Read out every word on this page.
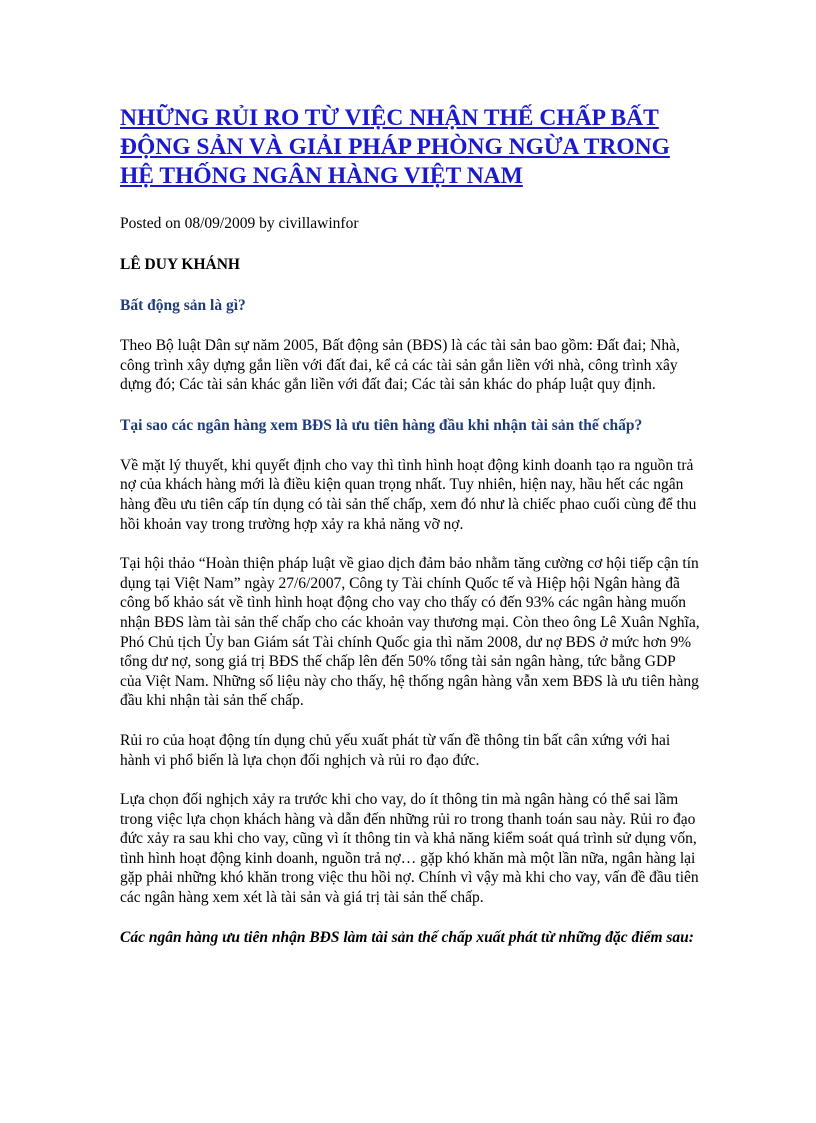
NHỮNG RỦI RO TỪ VIỆC NHẬN THẾ CHẤP BẤT ĐỘNG SẢN VÀ GIẢI PHÁP PHÒNG NGỪA TRONG HỆ THỐNG NGÂN HÀNG VIỆT NAM

Posted on 08/09/2009 by civillawinfor

LÊ DUY KHÁNH

Bất động sản là gì?

Theo Bộ luật Dân sự năm 2005, Bất động sản (BĐS) là các tài sản bao gồm: Đất đai; Nhà, công trình xây dựng gắn liền với đất đai, kể cả các tài sản gắn liền với nhà, công trình xây dựng đó; Các tài sản khác gắn liền với đất đai; Các tài sản khác do pháp luật quy định.

Tại sao các ngân hàng xem BĐS là ưu tiên hàng đầu khi nhận tài sản thế chấp?

Về mặt lý thuyết, khi quyết định cho vay thì tình hình hoạt động kinh doanh tạo ra nguồn trả nợ của khách hàng mới là điều kiện quan trọng nhất. Tuy nhiên, hiện nay, hầu hết các ngân hàng đều ưu tiên cấp tín dụng có tài sản thế chấp, xem đó như là chiếc phao cuối cùng để thu hồi khoản vay trong trường hợp xảy ra khả năng vỡ nợ.

Tại hội thảo “Hoàn thiện pháp luật về giao dịch đảm bảo nhằm tăng cường cơ hội tiếp cận tín dụng tại Việt Nam” ngày 27/6/2007, Công ty Tài chính Quốc tế và Hiệp hội Ngân hàng đã công bố khảo sát về tình hình hoạt động cho vay cho thấy có đến 93% các ngân hàng muốn nhận BĐS làm tài sản thế chấp cho các khoản vay thương mại. Còn theo ông Lê Xuân Nghĩa, Phó Chủ tịch Ủy ban Giám sát Tài chính Quốc gia thì năm 2008, dư nợ BĐS ở mức hơn 9% tổng dư nợ, song giá trị BĐS thế chấp lên đến 50% tổng tài sản ngân hàng, tức bằng GDP của Việt Nam. Những số liệu này cho thấy, hệ thống ngân hàng vẫn xem BĐS là ưu tiên hàng đầu khi nhận tài sản thế chấp.

Rủi ro của hoạt động tín dụng chủ yếu xuất phát từ vấn đề thông tin bất cân xứng với hai hành vi phổ biến là lựa chọn đối nghịch và rủi ro đạo đức.

Lựa chọn đối nghịch xảy ra trước khi cho vay, do ít thông tin mà ngân hàng có thể sai lầm trong việc lựa chọn khách hàng và dẫn đến những rủi ro trong thanh toán sau này. Rủi ro đạo đức xảy ra sau khi cho vay, cũng vì ít thông tin và khả năng kiểm soát quá trình sử dụng vốn, tình hình hoạt động kinh doanh, nguồn trả nợ… gặp khó khăn mà một lần nữa, ngân hàng lại gặp phải những khó khăn trong việc thu hồi nợ. Chính vì vậy mà khi cho vay, vấn đề đầu tiên các ngân hàng xem xét là tài sản và giá trị tài sản thế chấp.

Các ngân hàng ưu tiên nhận BĐS làm tài sản thế chấp xuất phát từ những đặc điểm sau:
